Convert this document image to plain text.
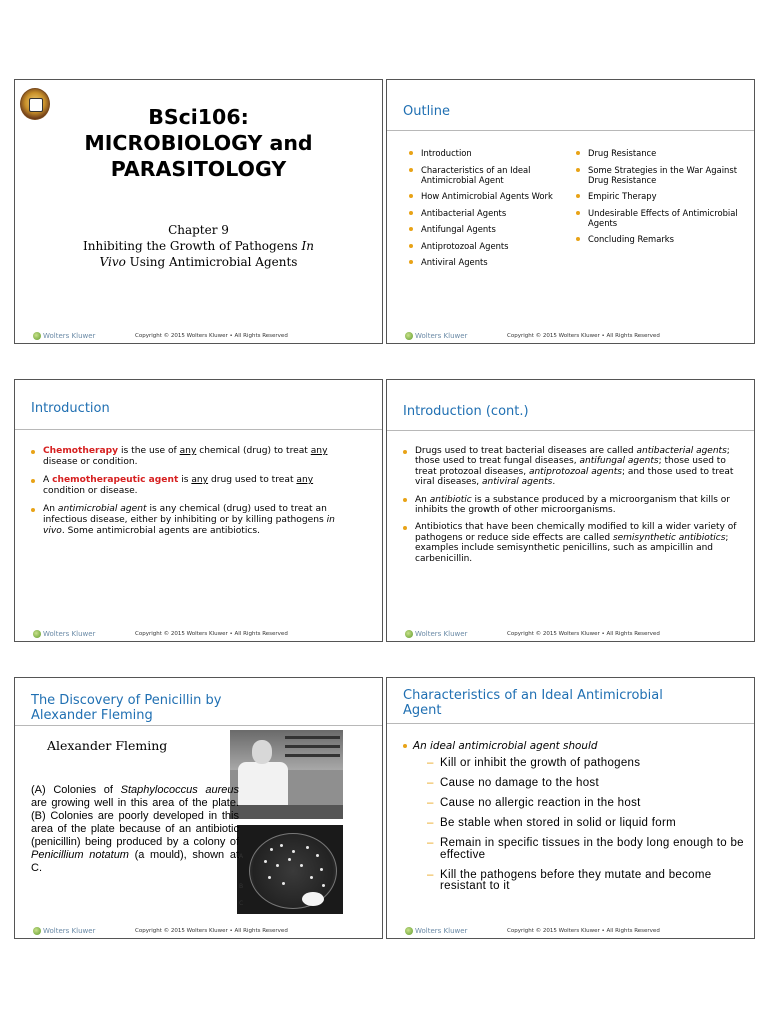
BSci106:
MICROBIOLOGY and
PARASITOLOGY
Chapter 9
Inhibiting the Growth of Pathogens In
Vivo Using Antimicrobial Agents
Wolters Kluwer	Copyright © 2015 Wolters Kluwer • All Rights Reserved
Outline
Introduction
Characteristics of an Ideal Antimicrobial Agent
How Antimicrobial Agents Work
Antibacterial Agents
Antifungal Agents
Antiprotozoal Agents
Antiviral Agents
Drug Resistance
Some Strategies in the War Against Drug Resistance
Empiric Therapy
Undesirable Effects of Antimicrobial Agents
Concluding Remarks
Wolters Kluwer	Copyright © 2015 Wolters Kluwer • All Rights Reserved
Introduction
Chemotherapy is the use of any chemical (drug) to treat any disease or condition.
A chemotherapeutic agent is any drug used to treat any condition or disease.
An antimicrobial agent is any chemical (drug) used to treat an infectious disease, either by inhibiting or by killing pathogens in vivo. Some antimicrobial agents are antibiotics.
Wolters Kluwer	Copyright © 2015 Wolters Kluwer • All Rights Reserved
Introduction (cont.)
Drugs used to treat bacterial diseases are called antibacterial agents; those used to treat fungal diseases, antifungal agents; those used to treat protozoal diseases, antiprotozoal agents; and those used to treat viral diseases, antiviral agents.
An antibiotic is a substance produced by a microorganism that kills or inhibits the growth of other microorganisms.
Antibiotics that have been chemically modified to kill a wider variety of pathogens or reduce side effects are called semisynthetic antibiotics; examples include semisynthetic penicillins, such as ampicillin and carbenicillin.
Wolters Kluwer	Copyright © 2015 Wolters Kluwer • All Rights Reserved
The Discovery of Penicillin by Alexander Fleming
Alexander Fleming
A
B
C
(A) Colonies of Staphylococcus aureus are growing well in this area of the plate. (B) Colonies are poorly developed in this area of the plate because of an antibiotic (penicillin) being produced by a colony of Penicillium notatum (a mould), shown at C.
Wolters Kluwer	Copyright © 2015 Wolters Kluwer • All Rights Reserved
Characteristics of an Ideal Antimicrobial Agent
An ideal antimicrobial agent should
– Kill or inhibit the growth of pathogens
– Cause no damage to the host
– Cause no allergic reaction in the host
– Be stable when stored in solid or liquid form
– Remain in specific tissues in the body long enough to be effective
– Kill the pathogens before they mutate and become resistant to it
Wolters Kluwer	Copyright © 2015 Wolters Kluwer • All Rights Reserved
